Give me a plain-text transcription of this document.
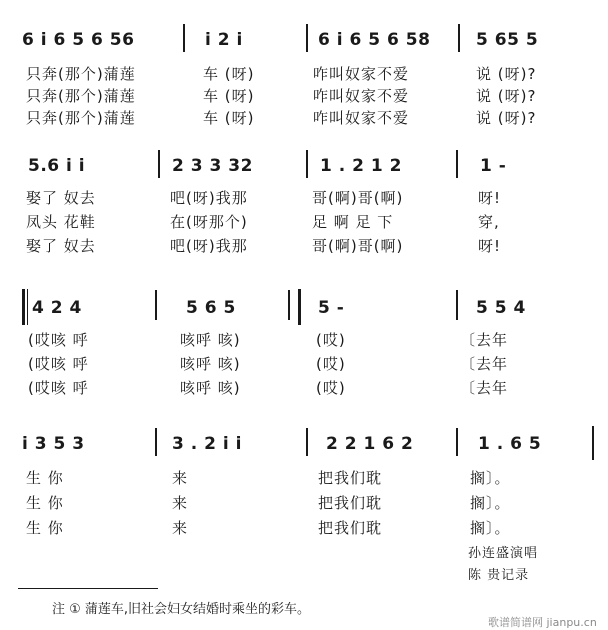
6 i 6 5 6 56	i 2 i	6 i 6 5 6 58	5 65 5
只奔(那个)蒲莲	车 (呀)	咋叫奴家不爱	说 (呀)?
只奔(那个)蒲莲	车 (呀)	咋叫奴家不爱	说 (呀)?
只奔(那个)蒲莲	车 (呀)	咋叫奴家不爱	说 (呀)?
5.6 i i	2 3 3 32	1 . 2 1 2	1 -
娶了 奴去	吧(呀)我那	哥(啊)哥(啊)	呀!
凤头 花鞋	在(呀那个)	足 啊 足 下	穿,
娶了 奴去	吧(呀)我那	哥(啊)哥(啊)	呀!
4 2 4	5 6 5	5 -	5 5 4
(哎咳 呼	咳呼 咳)	(哎)	〔去年
(哎咳 呼	咳呼 咳)	(哎)	〔去年
(哎咳 呼	咳呼 咳)	(哎)	〔去年
i 3 5 3	3 . 2 i i	2 2 1 6 2	1 . 6 5
生 你	来	把我们耽	搁〕。
生 你	来	把我们耽	搁〕。
生 你	来	把我们耽	搁〕。
孙连盛演唱
陈 贵记录
注 ① 蒲莲车,旧社会妇女结婚时乘坐的彩车。
歌谱简谱网 jianpu.cn
